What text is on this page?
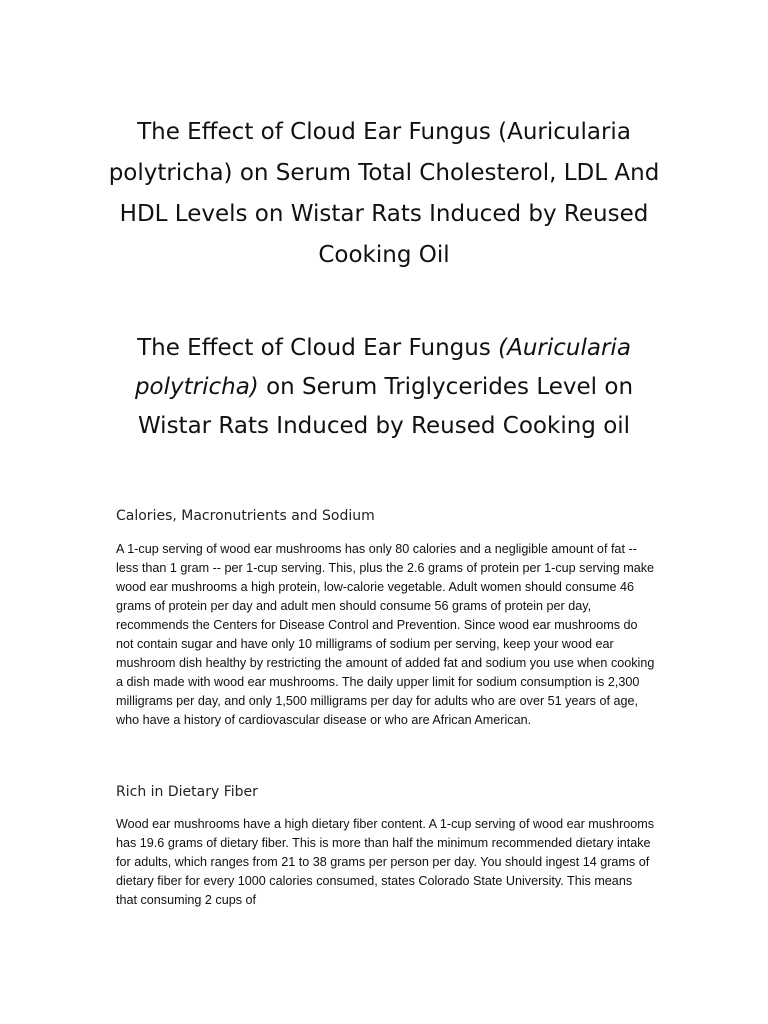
The Effect of Cloud Ear Fungus (Auricularia polytricha) on Serum Total Cholesterol, LDL And HDL Levels on Wistar Rats Induced by Reused Cooking Oil
The Effect of Cloud Ear Fungus (Auricularia polytricha) on Serum Triglycerides Level on Wistar Rats Induced by Reused Cooking oil
Calories, Macronutrients and Sodium

A 1-cup serving of wood ear mushrooms has only 80 calories and a negligible amount of fat -- less than 1 gram -- per 1-cup serving. This, plus the 2.6 grams of protein per 1-cup serving make wood ear mushrooms a high protein, low-calorie vegetable. Adult women should consume 46 grams of protein per day and adult men should consume 56 grams of protein per day, recommends the Centers for Disease Control and Prevention. Since wood ear mushrooms do not contain sugar and have only 10 milligrams of sodium per serving, keep your wood ear mushroom dish healthy by restricting the amount of added fat and sodium you use when cooking a dish made with wood ear mushrooms. The daily upper limit for sodium consumption is 2,300 milligrams per day, and only 1,500 milligrams per day for adults who are over 51 years of age, who have a history of cardiovascular disease or who are African American.

Rich in Dietary Fiber

Wood ear mushrooms have a high dietary fiber content. A 1-cup serving of wood ear mushrooms has 19.6 grams of dietary fiber. This is more than half the minimum recommended dietary intake for adults, which ranges from 21 to 38 grams per person per day. You should ingest 14 grams of dietary fiber for every 1000 calories consumed, states Colorado State University. This means that consuming 2 cups of
